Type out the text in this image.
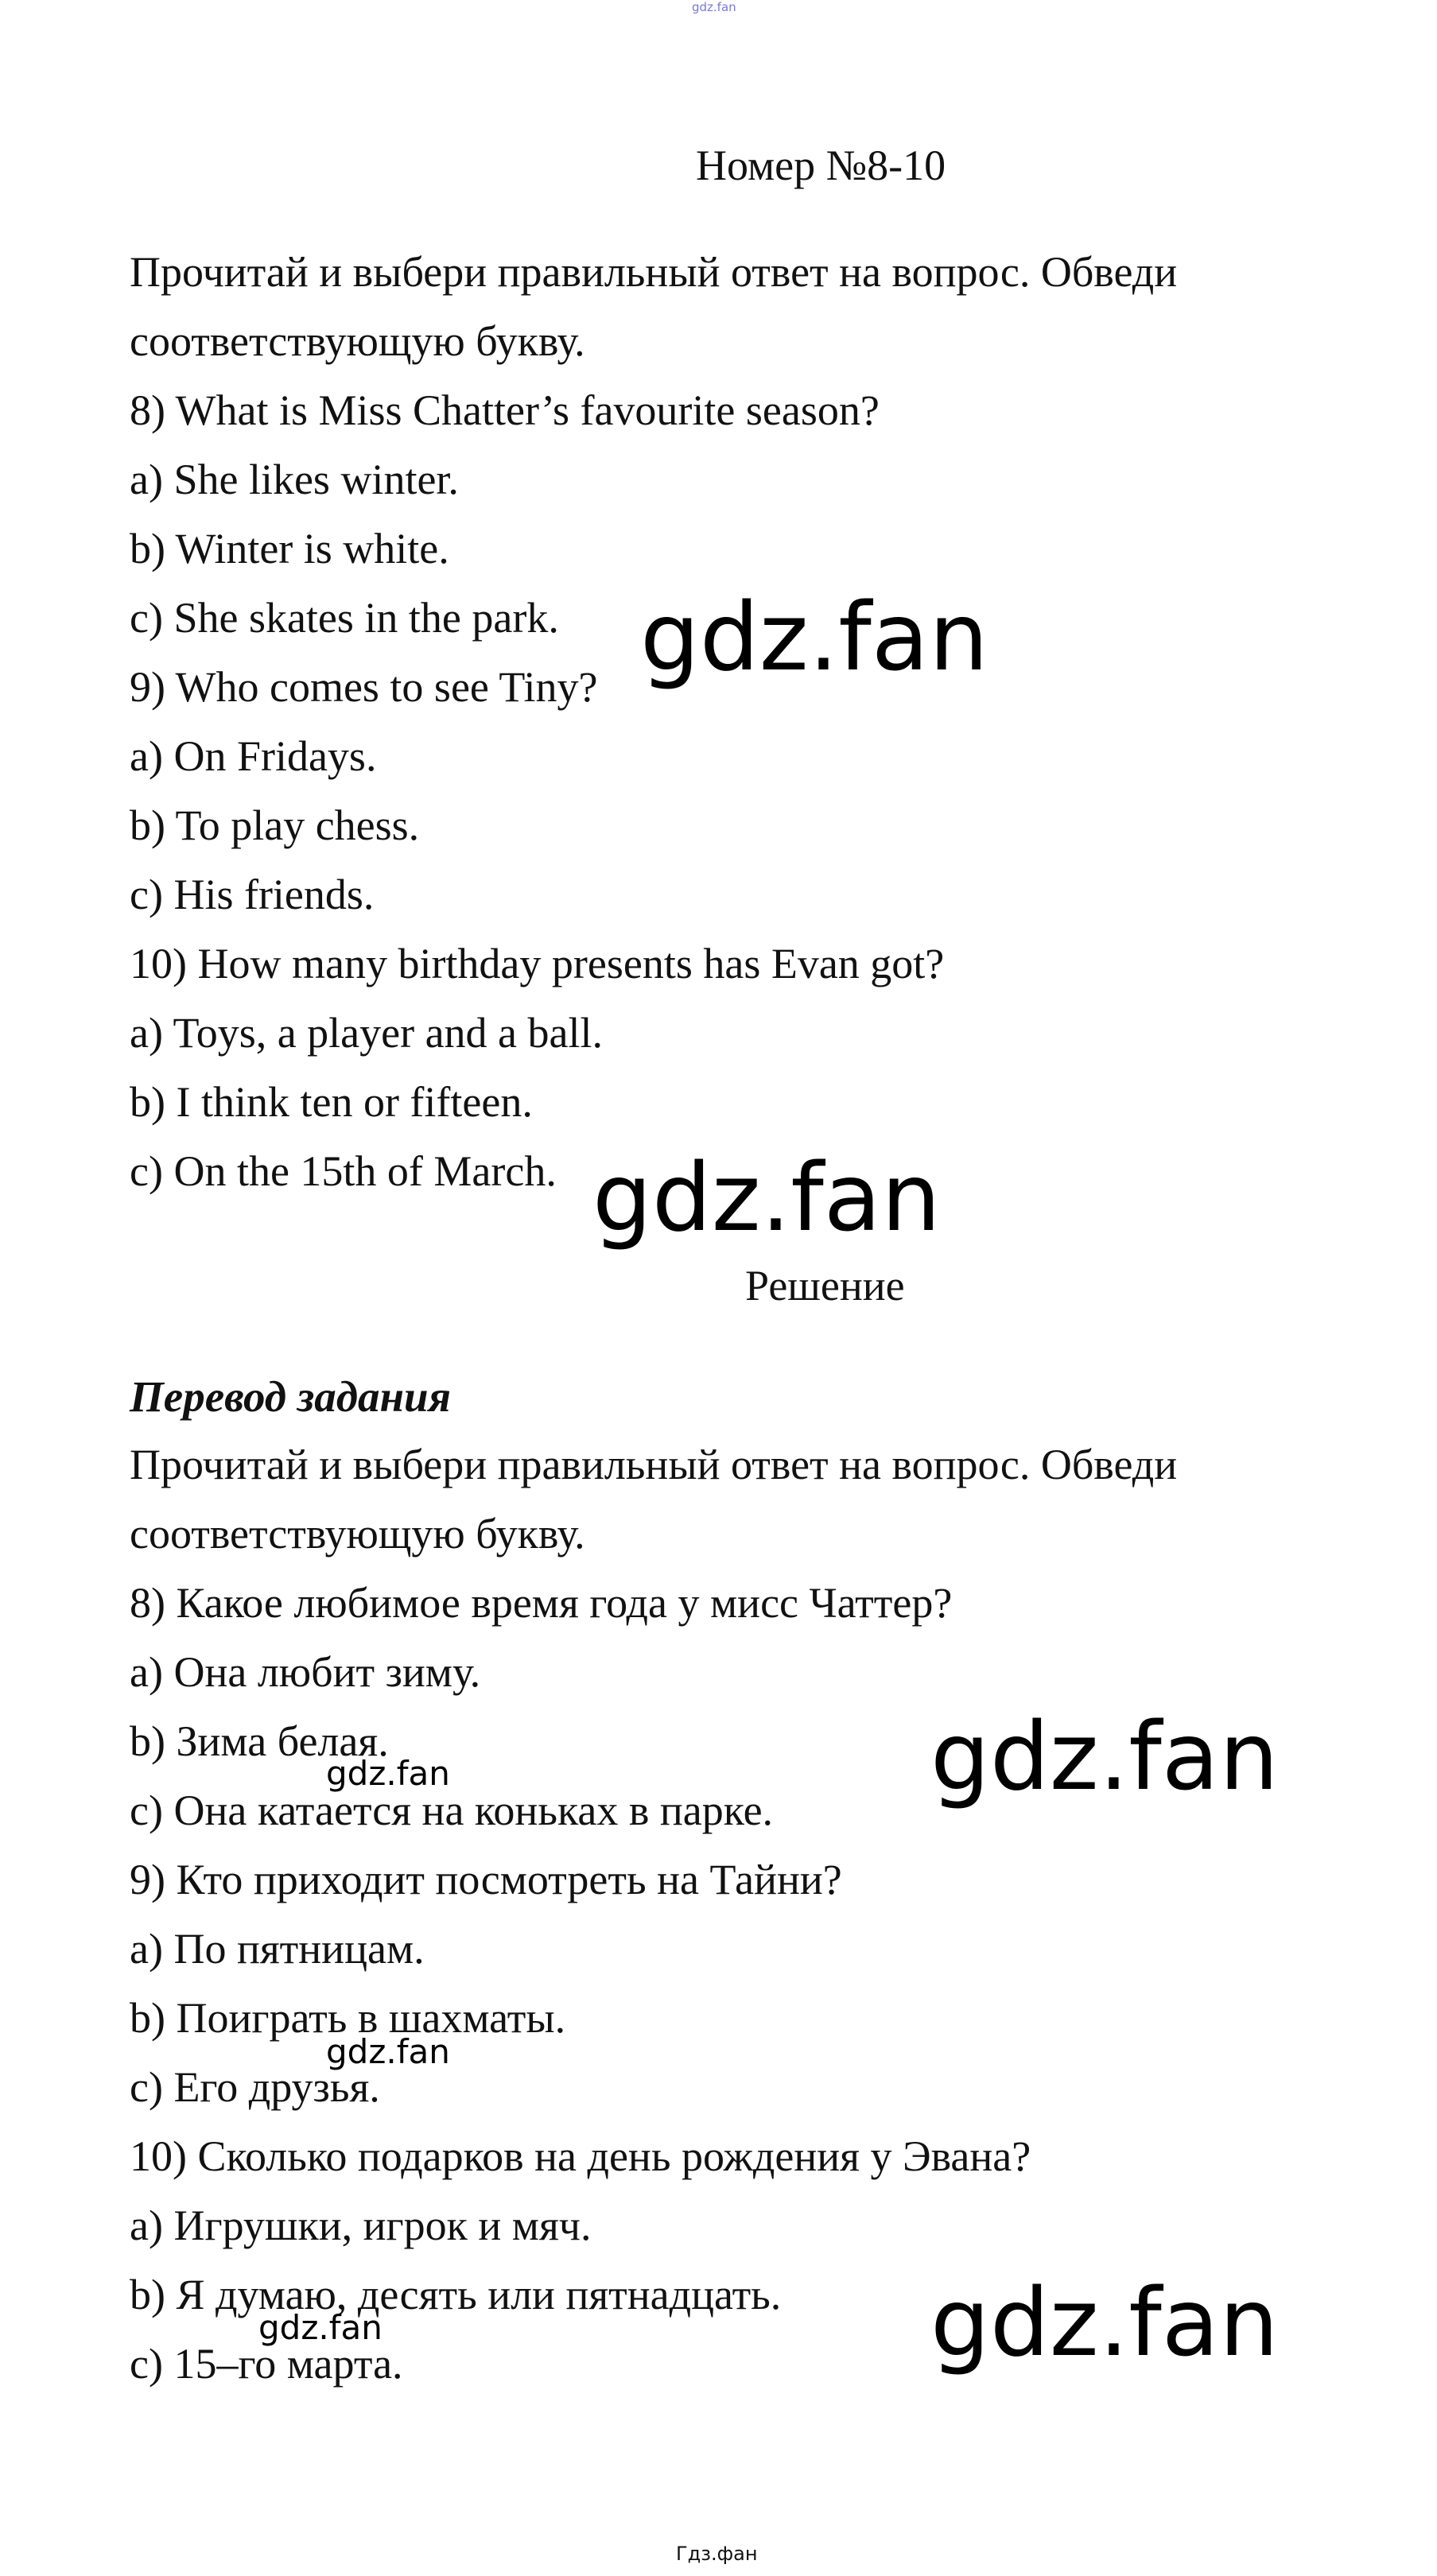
gdz.fan
Номер №8-10
Прочитай и выбери правильный ответ на вопрос. Обведи
соответствующую букву.
8) What is Miss Chatter’s favourite season?
a) She likes winter.
b) Winter is white.
c) She skates in the park.
9) Who comes to see Tiny?
a) On Fridays.
b) To play chess.
c) His friends.
10) How many birthday presents has Evan got?
a) Toys, a player and a ball.
b) I think ten or fifteen.
c) On the 15th of March.
Решение
Перевод задания
Прочитай и выбери правильный ответ на вопрос. Обведи
соответствующую букву.
8) Какое любимое время года у мисс Чаттер?
a) Она любит зиму.
b) Зима белая.
c) Она катается на коньках в парке.
9) Кто приходит посмотреть на Тайни?
a) По пятницам.
b) Поиграть в шахматы.
c) Его друзья.
10) Сколько подарков на день рождения у Эвана?
a) Игрушки, игрок и мяч.
b) Я думаю, десять или пятнадцать.
c) 15–го марта.
gdz.fan
gdz.fan
gdz.fan
gdz.fan
gdz.fan
gdz.fan
gdz.fan
Гдз.фан
